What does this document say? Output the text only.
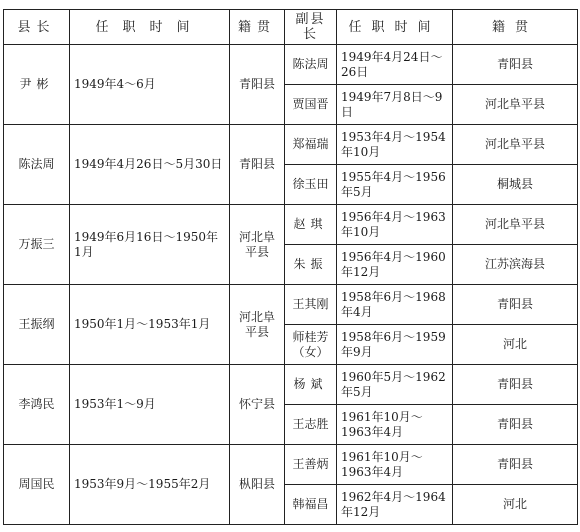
县长	任职时间	籍贯	副县长	任职时间	籍贯
尹彬	1949年4～6月	青阳县	陈法周	1949年4月24日～26日	青阳县
			贾国晋	1949年7月8日～9日	河北阜平县
陈法周	1949年4月26日～5月30日	青阳县	郑福瑞	1953年4月～1954年10月	河北阜平县
			徐玉田	1955年4月～1956年5月	桐城县
万振三	1949年6月16日～1950年1月	河北阜平县	赵琪	1956年4月～1963年10月	河北阜平县
			朱振	1956年4月～1960年12月	江苏滨海县
王振纲	1950年1月～1953年1月	河北阜平县	王其刚	1958年6月～1968年4月	青阳县
			师桂芳（女）	1958年6月～1959年9月	河北
李鸿民	1953年1～9月	怀宁县	杨斌	1960年5月～1962年5月	青阳县
			王志胜	1961年10月～1963年4月	青阳县
周国民	1953年9月～1955年2月	枞阳县	王善炳	1961年10月～1963年4月	青阳县
			韩福昌	1962年4月～1964年12月	河北
